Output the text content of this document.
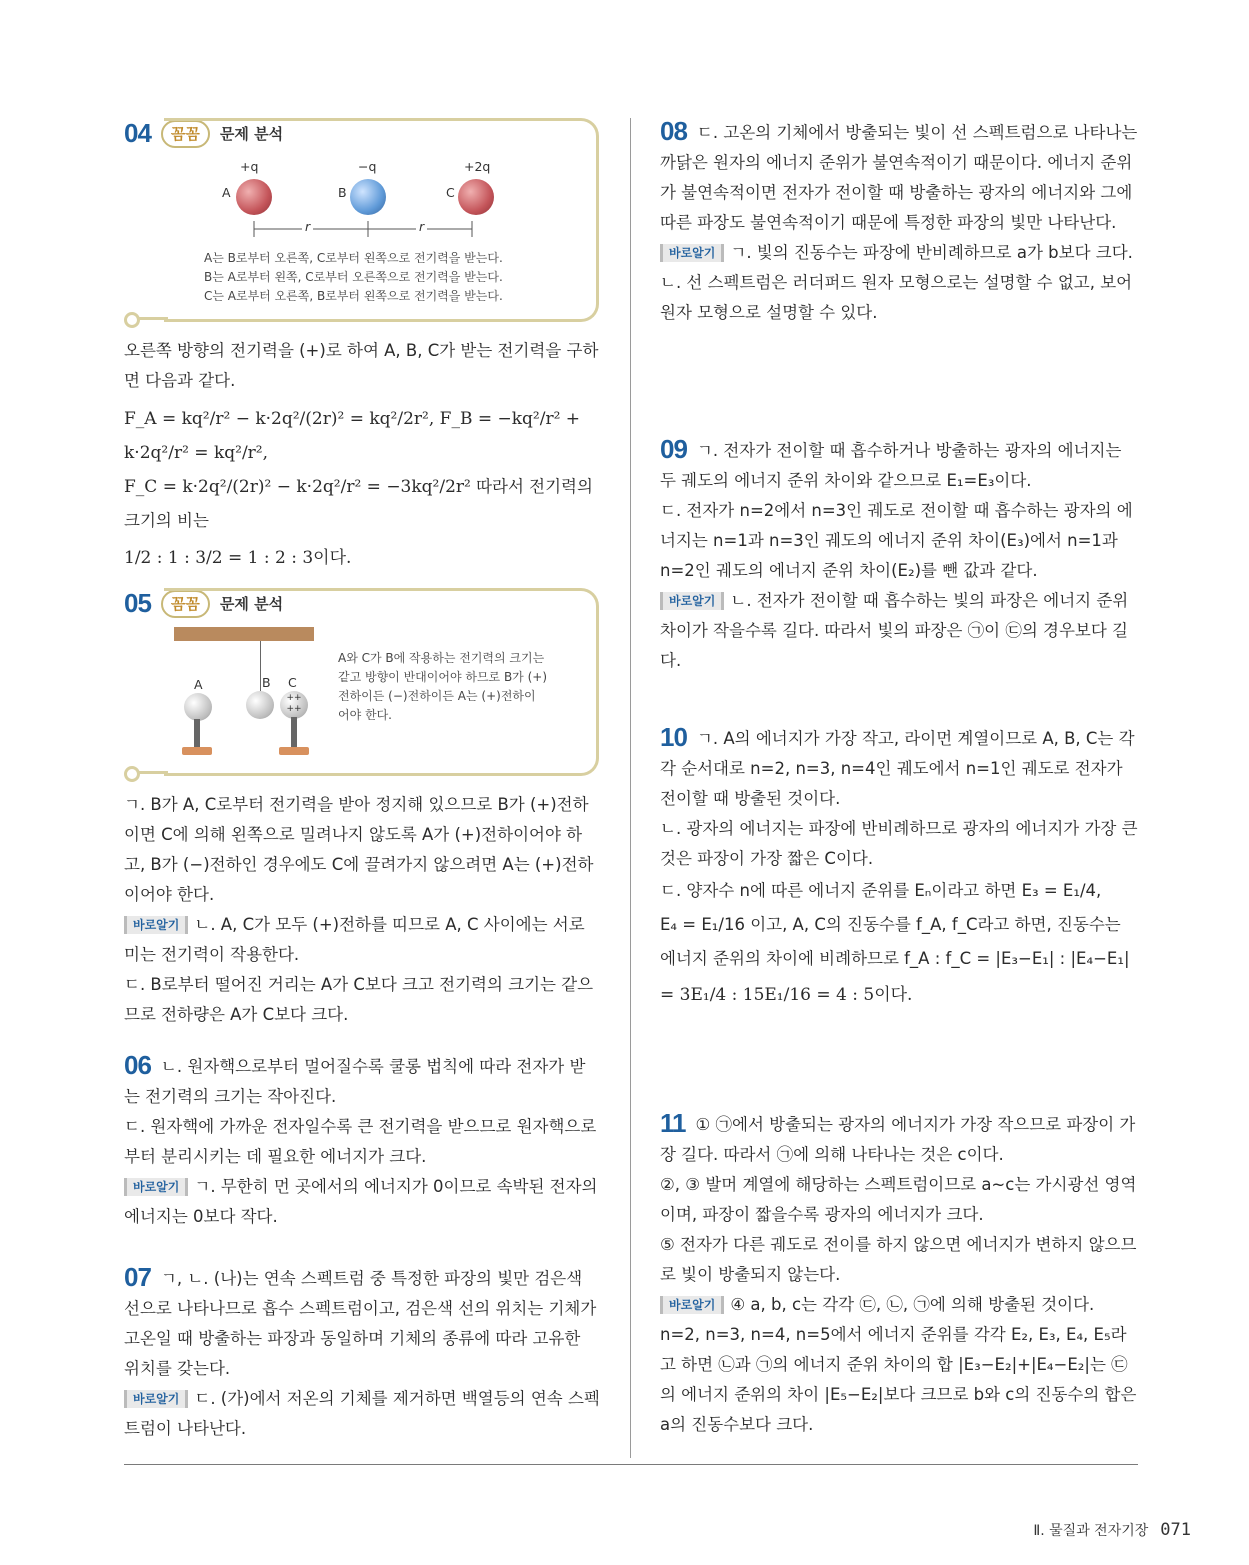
04	꼼꼼	문제 분석
+q	−q	+2q
A	B	C
r	r
A는 B로부터 오른쪽, C로부터 왼쪽으로 전기력을 받는다.
B는 A로부터 왼쪽, C로부터 오른쪽으로 전기력을 받는다.
C는 A로부터 오른쪽, B로부터 왼쪽으로 전기력을 받는다.

오른쪽 방향의 전기력을 (+)로 하여 A, B, C가 받는 전기력을 구하면 다음과 같다.

F_A = kq²/r² − k·2q²/(2r)² = kq²/2r², F_B = −kq²/r² + k·2q²/r² = kq²/r²,

F_C = k·2q²/(2r)² − k·2q²/r² = −3kq²/2r² 따라서 전기력의 크기의 비는

1/2 : 1 : 3/2 = 1 : 2 : 3이다.

05	꼼꼼	문제 분석
A	B C
++ ++
A와 C가 B에 작용하는 전기력의 크기는
같고 방향이 반대이어야 하므로 B가 (+)
전하이든 (−)전하이든 A는 (+)전하이
어야 한다.

ㄱ. B가 A, C로부터 전기력을 받아 정지해 있으므로 B가 (+)전하이면 C에 의해 왼쪽으로 밀려나지 않도록 A가 (+)전하이어야 하고, B가 (−)전하인 경우에도 C에 끌려가지 않으려면 A는 (+)전하이어야 한다.

바로알기 ㄴ. A, C가 모두 (+)전하를 띠므로 A, C 사이에는 서로 미는 전기력이 작용한다.

ㄷ. B로부터 떨어진 거리는 A가 C보다 크고 전기력의 크기는 같으므로 전하량은 A가 C보다 크다.

06 ㄴ. 원자핵으로부터 멀어질수록 쿨롱 법칙에 따라 전자가 받는 전기력의 크기는 작아진다.

ㄷ. 원자핵에 가까운 전자일수록 큰 전기력을 받으므로 원자핵으로부터 분리시키는 데 필요한 에너지가 크다.

바로알기 ㄱ. 무한히 먼 곳에서의 에너지가 0이므로 속박된 전자의 에너지는 0보다 작다.

07 ㄱ, ㄴ. (나)는 연속 스펙트럼 중 특정한 파장의 빛만 검은색 선으로 나타나므로 흡수 스펙트럼이고, 검은색 선의 위치는 기체가 고온일 때 방출하는 파장과 동일하며 기체의 종류에 따라 고유한 위치를 갖는다.

바로알기 ㄷ. (가)에서 저온의 기체를 제거하면 백열등의 연속 스펙트럼이 나타난다.

08 ㄷ. 고온의 기체에서 방출되는 빛이 선 스펙트럼으로 나타나는 까닭은 원자의 에너지 준위가 불연속적이기 때문이다. 에너지 준위가 불연속적이면 전자가 전이할 때 방출하는 광자의 에너지와 그에 따른 파장도 불연속적이기 때문에 특정한 파장의 빛만 나타난다.

바로알기 ㄱ. 빛의 진동수는 파장에 반비례하므로 a가 b보다 크다.

ㄴ. 선 스펙트럼은 러더퍼드 원자 모형으로는 설명할 수 없고, 보어 원자 모형으로 설명할 수 있다.

09 ㄱ. 전자가 전이할 때 흡수하거나 방출하는 광자의 에너지는 두 궤도의 에너지 준위 차이와 같으므로 E₁=E₃이다.

ㄷ. 전자가 n=2에서 n=3인 궤도로 전이할 때 흡수하는 광자의 에너지는 n=1과 n=3인 궤도의 에너지 준위 차이(E₃)에서 n=1과 n=2인 궤도의 에너지 준위 차이(E₂)를 뺀 값과 같다.

바로알기 ㄴ. 전자가 전이할 때 흡수하는 빛의 파장은 에너지 준위 차이가 작을수록 길다. 따라서 빛의 파장은 ㉠이 ㉢의 경우보다 길다.

10 ㄱ. A의 에너지가 가장 작고, 라이먼 계열이므로 A, B, C는 각각 순서대로 n=2, n=3, n=4인 궤도에서 n=1인 궤도로 전자가 전이할 때 방출된 것이다.

ㄴ. 광자의 에너지는 파장에 반비례하므로 광자의 에너지가 가장 큰 것은 파장이 가장 짧은 C이다.

ㄷ. 양자수 n에 따른 에너지 준위를 Eₙ이라고 하면 E₃ = E₁/4,

E₄ = E₁/16 이고, A, C의 진동수를 f_A, f_C라고 하면, 진동수는 에너지 준위의 차이에 비례하므로 f_A : f_C = |E₃−E₁| : |E₄−E₁|

= 3E₁/4 : 15E₁/16 = 4 : 5이다.

11 ① ㉠에서 방출되는 광자의 에너지가 가장 작으므로 파장이 가장 길다. 따라서 ㉠에 의해 나타나는 것은 c이다.

②, ③ 발머 계열에 해당하는 스펙트럼이므로 a~c는 가시광선 영역이며, 파장이 짧을수록 광자의 에너지가 크다.

⑤ 전자가 다른 궤도로 전이를 하지 않으면 에너지가 변하지 않으므로 빛이 방출되지 않는다.

바로알기 ④ a, b, c는 각각 ㉢, ㉡, ㉠에 의해 방출된 것이다. n=2, n=3, n=4, n=5에서 에너지 준위를 각각 E₂, E₃, E₄, E₅라고 하면 ㉡과 ㉠의 에너지 준위 차이의 합 |E₃−E₂|+|E₄−E₂|는 ㉢의 에너지 준위의 차이 |E₅−E₂|보다 크므로 b와 c의 진동수의 합은 a의 진동수보다 크다.

Ⅱ. 물질과 전자기장 071
